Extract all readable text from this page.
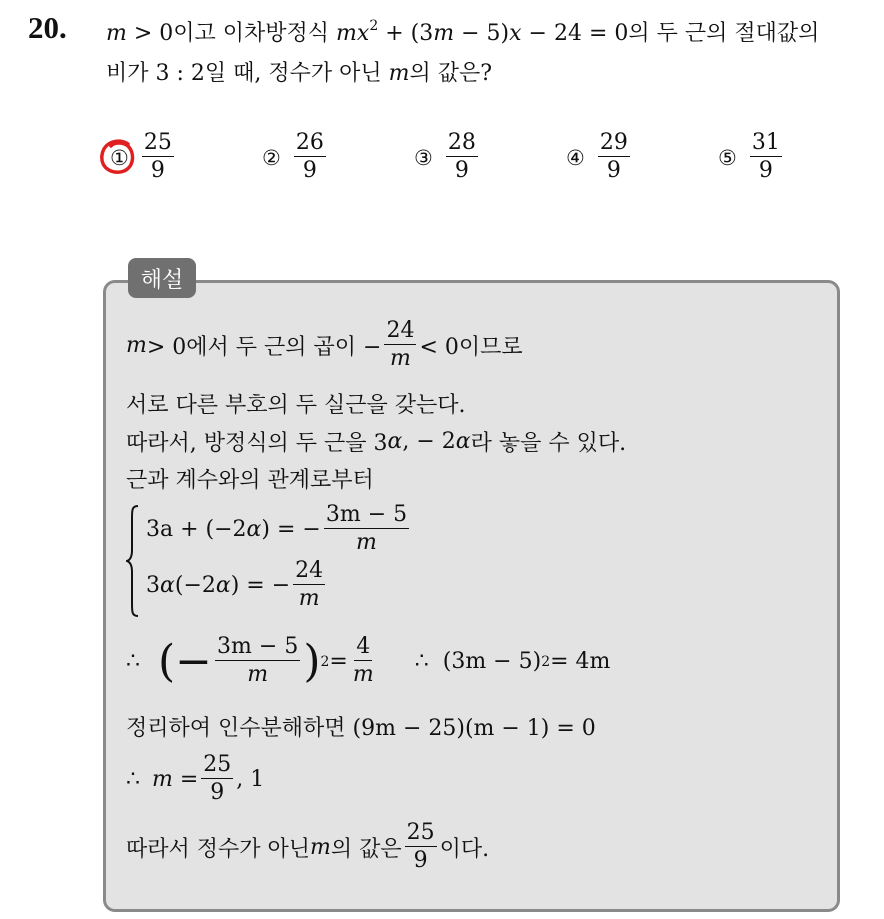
20. m > 0이고 이차방정식 $mx^2 + (3m - 5)x - 24 = 0$의 두 근의 절대값의
비가 3 : 2일 때, 정수가 아닌 m의 값은?
① $\frac{25}{9}$	② $\frac{26}{9}$	③ $\frac{28}{9}$	④ $\frac{29}{9}$	⑤ $\frac{31}{9}$
해설
m > 0에서 두 근의 곱이 − $\frac{24}{m} < 0$이므로
서로 다른 부호의 두 실근을 갖는다.
따라서, 방정식의 두 근을 3 α , − 2 α 라 놓을 수 있다.
근과 계수와의 관계로부터
3a + (−2 α ) = − $\frac{3m - 5}{m}$
3 α (−2 α ) = − $\frac{24}{m}$
∴ (− $\frac{3m - 5}{m}$ ) $2 = \frac{4}{m}$ ∴ (3m − 5) 2 = 4m
정리하여 인수분해하면 (9m − 25)(m − 1) = 0
∴ $m = \frac{25}{9}$ , 1
따라서 정수가 아닌 m 의 값은 $\frac{25}{9}$ 이다.
